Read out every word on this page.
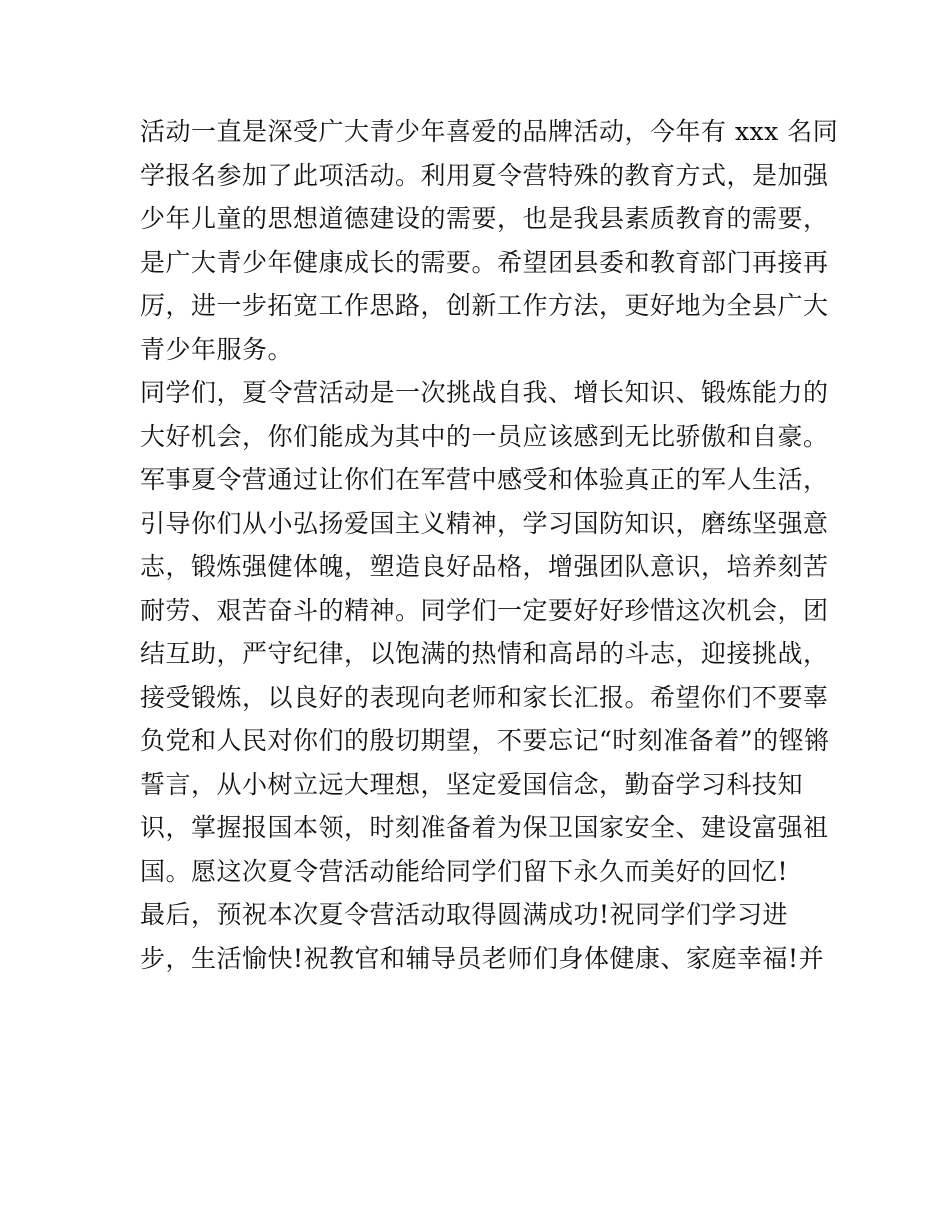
活动一直是深受广大青少年喜爱的品牌活动，今年有 xxx 名同
学报名参加了此项活动。利用夏令营特殊的教育方式，是加强
少年儿童的思想道德建设的需要，也是我县素质教育的需要，
是广大青少年健康成长的需要。希望团县委和教育部门再接再
厉，进一步拓宽工作思路，创新工作方法，更好地为全县广大
青少年服务。
同学们，夏令营活动是一次挑战自我、增长知识、锻炼能力的
大好机会，你们能成为其中的一员应该感到无比骄傲和自豪。
军事夏令营通过让你们在军营中感受和体验真正的军人生活，
引导你们从小弘扬爱国主义精神，学习国防知识，磨练坚强意
志，锻炼强健体魄，塑造良好品格，增强团队意识，培养刻苦
耐劳、艰苦奋斗的精神。同学们一定要好好珍惜这次机会，团
结互助，严守纪律，以饱满的热情和高昂的斗志，迎接挑战，
接受锻炼，以良好的表现向老师和家长汇报。希望你们不要辜
负党和人民对你们的殷切期望，不要忘记“时刻准备着”的铿锵
誓言，从小树立远大理想，坚定爱国信念，勤奋学习科技知
识，掌握报国本领，时刻准备着为保卫国家安全、建设富强祖
国。愿这次夏令营活动能给同学们留下永久而美好的回忆!
最后，预祝本次夏令营活动取得圆满成功!祝同学们学习进
步，生活愉快!祝教官和辅导员老师们身体健康、家庭幸福!并
